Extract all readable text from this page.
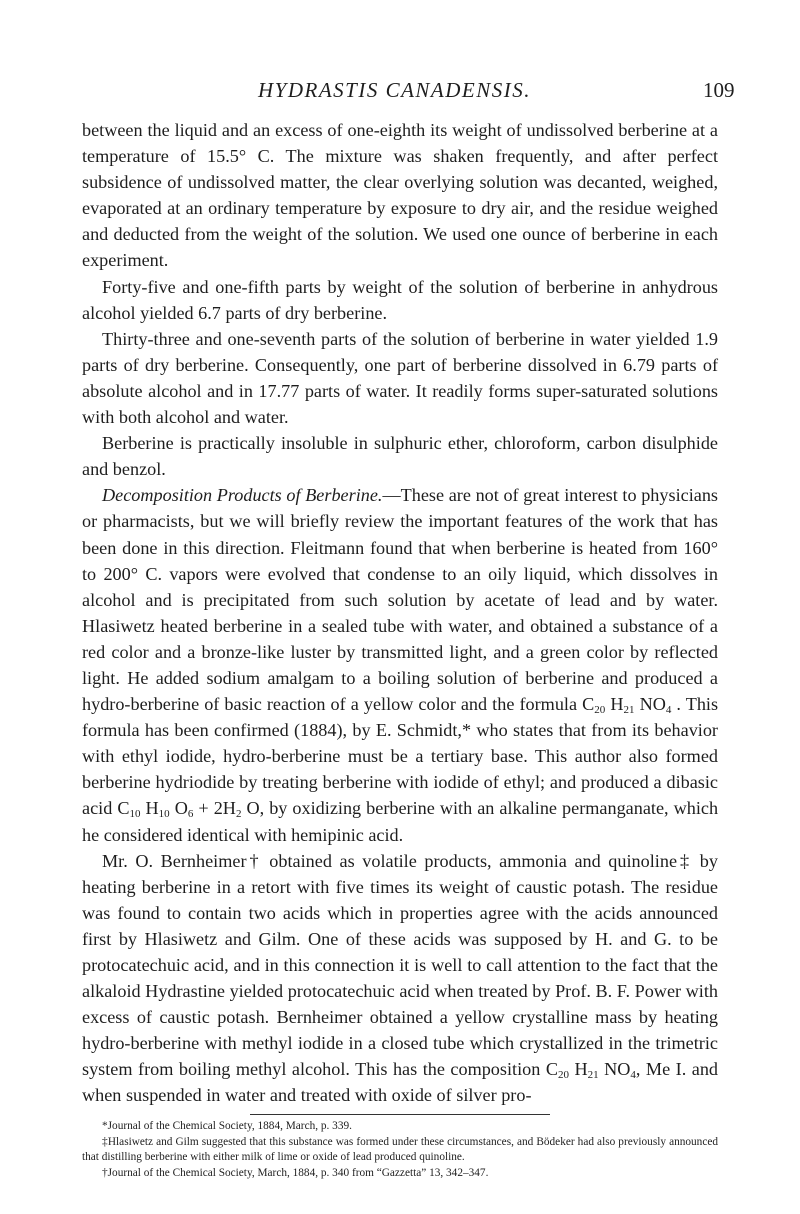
HYDRASTIS CANADENSIS.	109

between the liquid and an excess of one-eighth its weight of undissolved berberine at a temperature of 15.5° C. The mixture was shaken frequently, and after perfect subsidence of undissolved matter, the clear overlying solution was decanted, weighed, evaporated at an ordinary temperature by exposure to dry air, and the residue weighed and deducted from the weight of the solution. We used one ounce of berberine in each experiment.

Forty-five and one-fifth parts by weight of the solution of berberine in anhydrous alcohol yielded 6.7 parts of dry berberine.

Thirty-three and one-seventh parts of the solution of berberine in water yielded 1.9 parts of dry berberine. Consequently, one part of berberine dissolved in 6.79 parts of absolute alcohol and in 17.77 parts of water. It readily forms super-saturated solutions with both alcohol and water.

Berberine is practically insoluble in sulphuric ether, chloroform, carbon disulphide and benzol.

Decomposition Products of Berberine.—These are not of great interest to physicians or pharmacists, but we will briefly review the important features of the work that has been done in this direction. Fleitmann found that when berberine is heated from 160° to 200° C. vapors were evolved that condense to an oily liquid, which dissolves in alcohol and is precipitated from such solution by acetate of lead and by water. Hlasiwetz heated berberine in a sealed tube with water, and obtained a substance of a red color and a bronze-like luster by transmitted light, and a green color by reflected light. He added sodium amalgam to a boiling solution of berberine and produced a hydro-berberine of basic reaction of a yellow color and the formula $C_{20}$ $H_{21}$ $NO_4$ . This formula has been confirmed (1884), by E. Schmidt,* who states that from its behavior with ethyl iodide, hydro-berberine must be a tertiary base. This author also formed berberine hydriodide by treating berberine with iodide of ethyl; and produced a dibasic acid $C_{10}$ $H_{10}$ $O_6 + 2H_2$ O, by oxidizing berberine with an alkaline permanganate, which he considered identical with hemipinic acid.

Mr. O. Bernheimer† obtained as volatile products, ammonia and quinoline‡ by heating berberine in a retort with five times its weight of caustic potash. The residue was found to contain two acids which in properties agree with the acids announced first by Hlasiwetz and Gilm. One of these acids was supposed by H. and G. to be protocatechuic acid, and in this connection it is well to call attention to the fact that the alkaloid Hydrastine yielded protocatechuic acid when treated by Prof. B. F. Power with excess of caustic potash. Bernheimer obtained a yellow crystalline mass by heating hydro-berberine with methyl iodide in a closed tube which crystallized in the trimetric system from boiling methyl alcohol. This has the composition $C_{20}$ $H_{21}$ $NO_4$, Me I. and when suspended in water and treated with oxide of silver pro-

*Journal of the Chemical Society, 1884, March, p. 339.

‡Hlasiwetz and Gilm suggested that this substance was formed under these circumstances, and Bödeker had also previously announced that distilling berberine with either milk of lime or oxide of lead produced quinoline.

†Journal of the Chemical Society, March, 1884, p. 340 from “Gazzetta” 13, 342–347.
